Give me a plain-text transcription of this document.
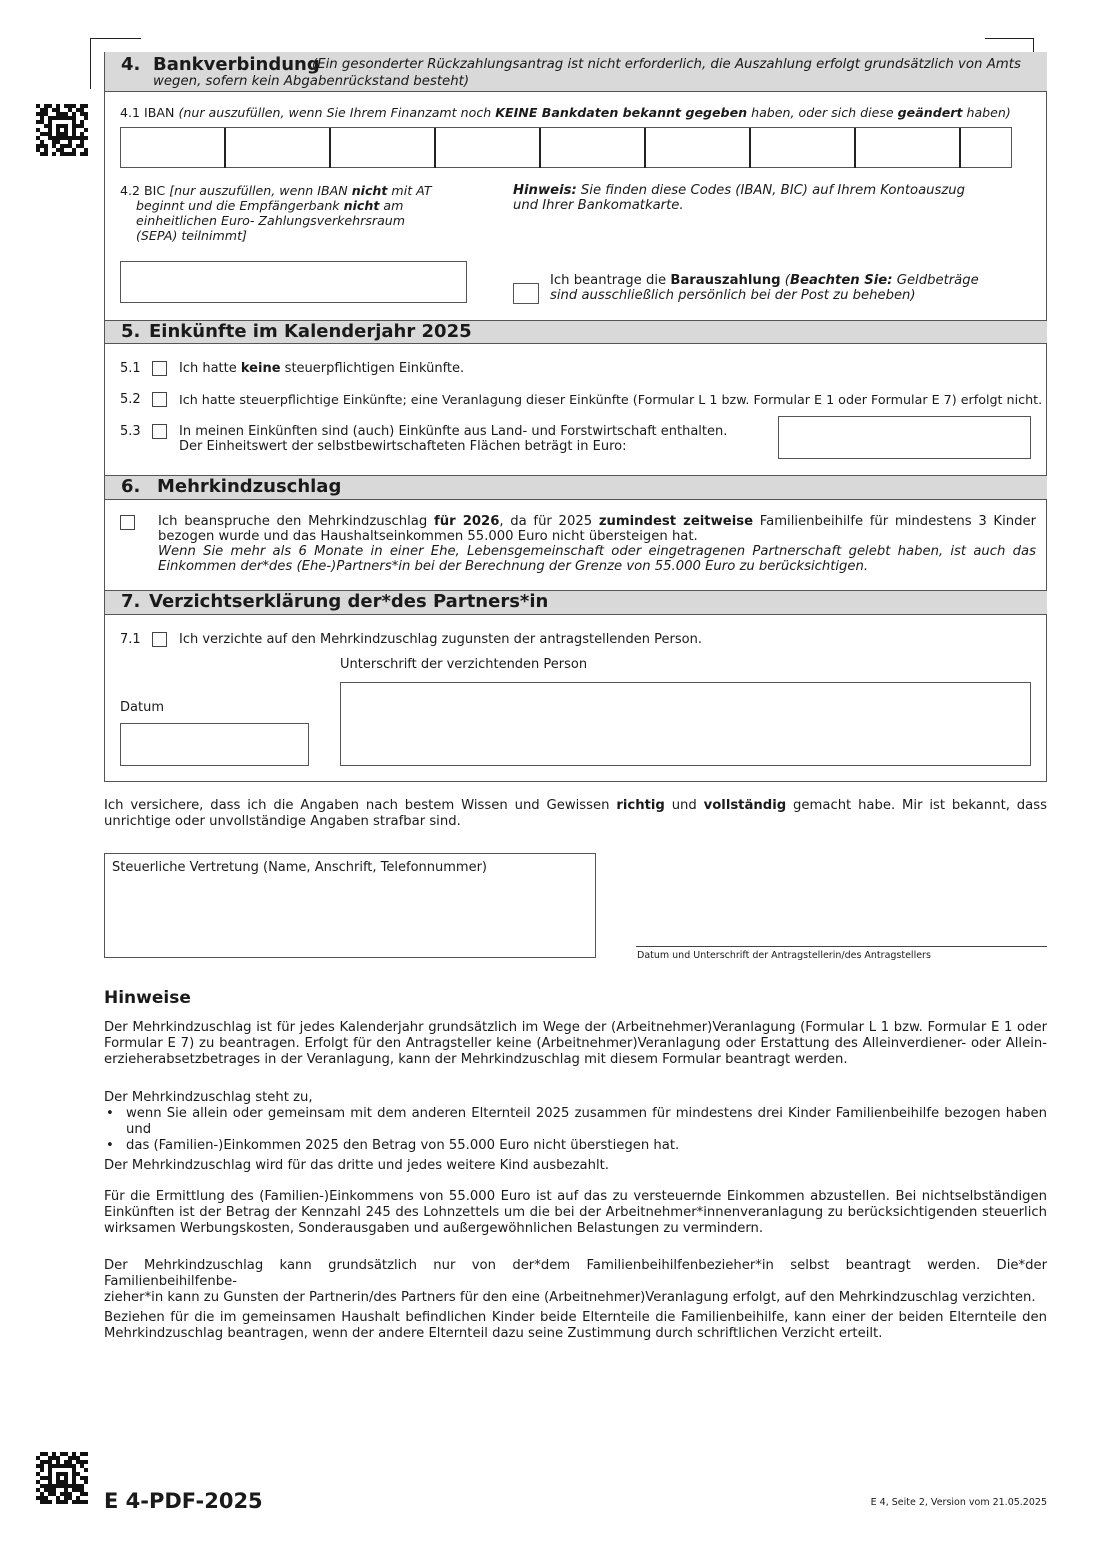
4. Bankverbindung
(Ein gesonderter Rückzahlungsantrag ist nicht erforderlich, die Auszahlung erfolgt grundsätzlich von Amts
wegen, sofern kein Abgabenrückstand besteht)
4.1 IBAN (nur auszufüllen, wenn Sie Ihrem Finanzamt noch KEINE Bankdaten bekannt gegeben haben, oder sich diese geändert haben)
4.2 BIC [nur auszufüllen, wenn IBAN nicht mit AT
beginnt und die Empfängerbank nicht am
einheitlichen Euro- Zahlungsverkehrsraum
(SEPA) teilnimmt]
Hinweis: Sie finden diese Codes (IBAN, BIC) auf Ihrem Kontoauszug
und Ihrer Bankomatkarte.
Ich beantrage die Barauszahlung (Beachten Sie: Geldbeträge
sind ausschließlich persönlich bei der Post zu beheben)
5. Einkünfte im Kalenderjahr 2025
5.1	Ich hatte keine steuerpflichtigen Einkünfte.
5.2	Ich hatte steuerpflichtige Einkünfte; eine Veranlagung dieser Einkünfte (Formular L 1 bzw. Formular E 1 oder Formular E 7) erfolgt nicht.
5.3	In meinen Einkünften sind (auch) Einkünfte aus Land- und Forstwirtschaft enthalten.
Der Einheitswert der selbstbewirtschafteten Flächen beträgt in Euro:
6. Mehrkindzuschlag
Ich beanspruche den Mehrkindzuschlag für 2026, da für 2025 zumindest zeitweise Familienbeihilfe für mindestens 3 Kinder
bezogen wurde und das Haushaltseinkommen 55.000 Euro nicht übersteigen hat.
Wenn Sie mehr als 6 Monate in einer Ehe, Lebensgemeinschaft oder eingetragenen Partnerschaft gelebt haben, ist auch das
Einkommen der*des (Ehe-)Partners*in bei der Berechnung der Grenze von 55.000 Euro zu berücksichtigen.
7. Verzichtserklärung der*des Partners*in
7.1	Ich verzichte auf den Mehrkindzuschlag zugunsten der antragstellenden Person.
Unterschrift der verzichtenden Person
Datum
Ich versichere, dass ich die Angaben nach bestem Wissen und Gewissen richtig und vollständig gemacht habe. Mir ist bekannt, dass
unrichtige oder unvollständige Angaben strafbar sind.
Steuerliche Vertretung (Name, Anschrift, Telefonnummer)
Datum und Unterschrift der Antragstellerin/des Antragstellers
Hinweise
Der Mehrkindzuschlag ist für jedes Kalenderjahr grundsätzlich im Wege der (Arbeitnehmer)Veranlagung (Formular L 1 bzw. Formular E 1 oder
Formular E 7) zu beantragen. Erfolgt für den Antragsteller keine (Arbeitnehmer)Veranlagung oder Erstattung des Alleinverdiener- oder Allein-
erzieherabsetzbetrages in der Veranlagung, kann der Mehrkindzuschlag mit diesem Formular beantragt werden.
Der Mehrkindzuschlag steht zu,
• wenn Sie allein oder gemeinsam mit dem anderen Elternteil 2025 zusammen für mindestens drei Kinder Familienbeihilfe bezogen haben und
• das (Familien-)Einkommen 2025 den Betrag von 55.000 Euro nicht überstiegen hat.
Der Mehrkindzuschlag wird für das dritte und jedes weitere Kind ausbezahlt.
Für die Ermittlung des (Familien-)Einkommens von 55.000 Euro ist auf das zu versteuernde Einkommen abzustellen. Bei nichtselbständigen
Einkünften ist der Betrag der Kennzahl 245 des Lohnzettels um die bei der Arbeitnehmer*innenveranlagung zu berücksichtigenden steuerlich
wirksamen Werbungskosten, Sonderausgaben und außergewöhnlichen Belastungen zu vermindern.
Der Mehrkindzuschlag kann grundsätzlich nur von der*dem Familienbeihilfenbezieher*in selbst beantragt werden. Die*der Familienbeihilfenbe-
zieher*in kann zu Gunsten der Partnerin/des Partners für den eine (Arbeitnehmer)Veranlagung erfolgt, auf den Mehrkindzuschlag verzichten.
Beziehen für die im gemeinsamen Haushalt befindlichen Kinder beide Elternteile die Familienbeihilfe, kann einer der beiden Elternteile den
Mehrkindzuschlag beantragen, wenn der andere Elternteil dazu seine Zustimmung durch schriftlichen Verzicht erteilt.
E 4-PDF-2025	E 4, Seite 2, Version vom 21.05.2025
